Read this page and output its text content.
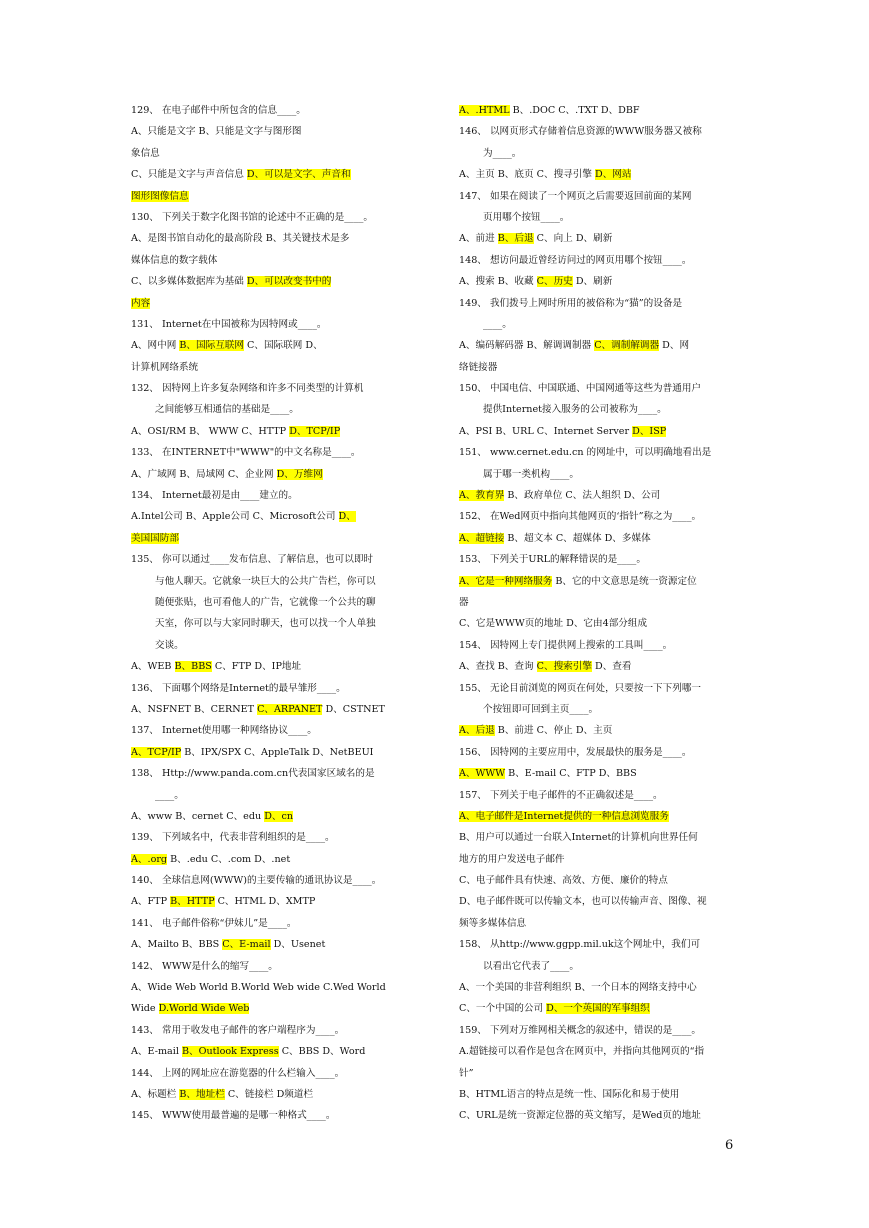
129、 在电子邮件中所包含的信息____。
A、只能是文字 B、只能是文字与图形图
象信息
C、只能是文字与声音信息 D、可以是文字、声音和
图形图像信息
130、 下列关于数字化图书馆的论述中不正确的是____。
A、是图书馆自动化的最高阶段 B、其关键技术是多
媒体信息的数字载体
C、以多媒体数据库为基础 D、可以改变书中的
内容
131、 Internet在中国被称为因特网或____。
A、网中网 B、国际互联网 C、国际联网 D、
计算机网络系统
132、 因特网上许多复杂网络和许多不同类型的计算机
之间能够互相通信的基础是____。
A、OSI/RM B、 WWW C、HTTP D、TCP/IP
133、 在INTERNET中"WWW"的中文名称是____。
A、广域网 B、局域网 C、企业网 D、万维网
134、 Internet最初是由____建立的。
A.Intel公司 B、Apple公司 C、Microsoft公司 D、
美国国防部
135、 你可以通过____发布信息、了解信息，也可以即时
与他人聊天。它就象一块巨大的公共广告栏，你可以
随便张贴，也可看他人的广告，它就像一个公共的聊
天室，你可以与大家同时聊天，也可以找一个人单独
交谈。
A、WEB B、BBS C、FTP D、IP地址
136、 下面哪个网络是Internet的最早雏形____。
A、NSFNET B、CERNET C、ARPANET D、CSTNET
137、 Internet使用哪一种网络协议____。
A、TCP/IP B、IPX/SPX C、AppleTalk D、NetBEUI
138、 Http://www.panda.com.cn代表国家区域名的是
____。
A、www B、cernet C、edu D、cn
139、 下列域名中，代表非营利组织的是____。
A、.org B、.edu C、.com D、.net
140、 全球信息网(WWW)的主要传输的通讯协议是____。
A、FTP B、HTTP C、HTML D、XMTP
141、 电子邮件俗称“伊妹儿”是____。
A、Mailto B、BBS C、E-mail D、Usenet
142、 WWW是什么的缩写____。
A、Wide Web World B.World Web wide C.Wed World
Wide D.World Wide Web
143、 常用于收发电子邮件的客户端程序为____。
A、E-mail B、Outlook Express C、BBS D、Word
144、 上网的网址应在游览器的什么栏输入____。
A、标题栏 B、地址栏 C、链接栏 D频道栏
145、 WWW使用最普遍的是哪一种格式____。
A、.HTML B、.DOC C、.TXT D、DBF
146、 以网页形式存储着信息资源的WWW服务器又被称
为____。
A、主页 B、底页 C、搜寻引擎 D、网站
147、 如果在阅读了一个网页之后需要返回前面的某网
页用哪个按钮____。
A、前进 B、后退 C、向上 D、刷新
148、 想访问最近曾经访问过的网页用哪个按钮____。
A、搜索 B、收藏 C、历史 D、刷新
149、 我们拨号上网时所用的被俗称为“猫”的设备是
____。
A、编码解码器 B、解调调制器 C、调制解调器 D、网
络链接器
150、 中国电信、中国联通、中国网通等这些为普通用户
提供Internet接入服务的公司被称为____。
A、PSI B、URL C、Internet Server D、ISP
151、 www.cernet.edu.cn 的网址中，可以明确地看出是
属于哪一类机构____。
A、教育界 B、政府单位 C、法人组织 D、公司
152、 在Wed网页中指向其他网页的‘指针”称之为____。
A、超链接 B、超文本 C、超媒体 D、多媒体
153、 下列关于URL的解释错误的是____。
A、它是一种网络服务 B、它的中文意思是统一资源定位
器
C、它是WWW页的地址 D、它由4部分组成
154、 因特网上专门提供网上搜索的工具叫____。
A、查找 B、查询 C、搜索引擎 D、查看
155、 无论目前浏览的网页在何处，只要按一下下列哪一
个按钮即可回到主页____。
A、后退 B、前进 C、停止 D、主页
156、 因特网的主要应用中，发展最快的服务是____。
A、WWW B、E-mail C、FTP D、BBS
157、 下列关于电子邮件的不正确叙述是____。
A、电子邮件是Internet提供的一种信息浏览服务
B、用户可以通过一台联入Internet的计算机向世界任何
地方的用户发送电子邮件
C、电子邮件具有快速、高效、方便、廉价的特点
D、电子邮件既可以传输文本，也可以传输声音、图像、视
频等多媒体信息
158、 从http://www.ggpp.mil.uk这个网址中，我们可
以看出它代表了____。
A、一个美国的非营利组织 B、一个日本的网络支持中心
C、一个中国的公司 D、一个英国的军事组织
159、 下列对万维网相关概念的叙述中，错误的是____。
A.超链接可以看作是包含在网页中，并指向其他网页的“指
针”
B、HTML语言的特点是统一性、国际化和易于使用
C、URL是统一资源定位器的英文缩写，是Wed页的地址
6
